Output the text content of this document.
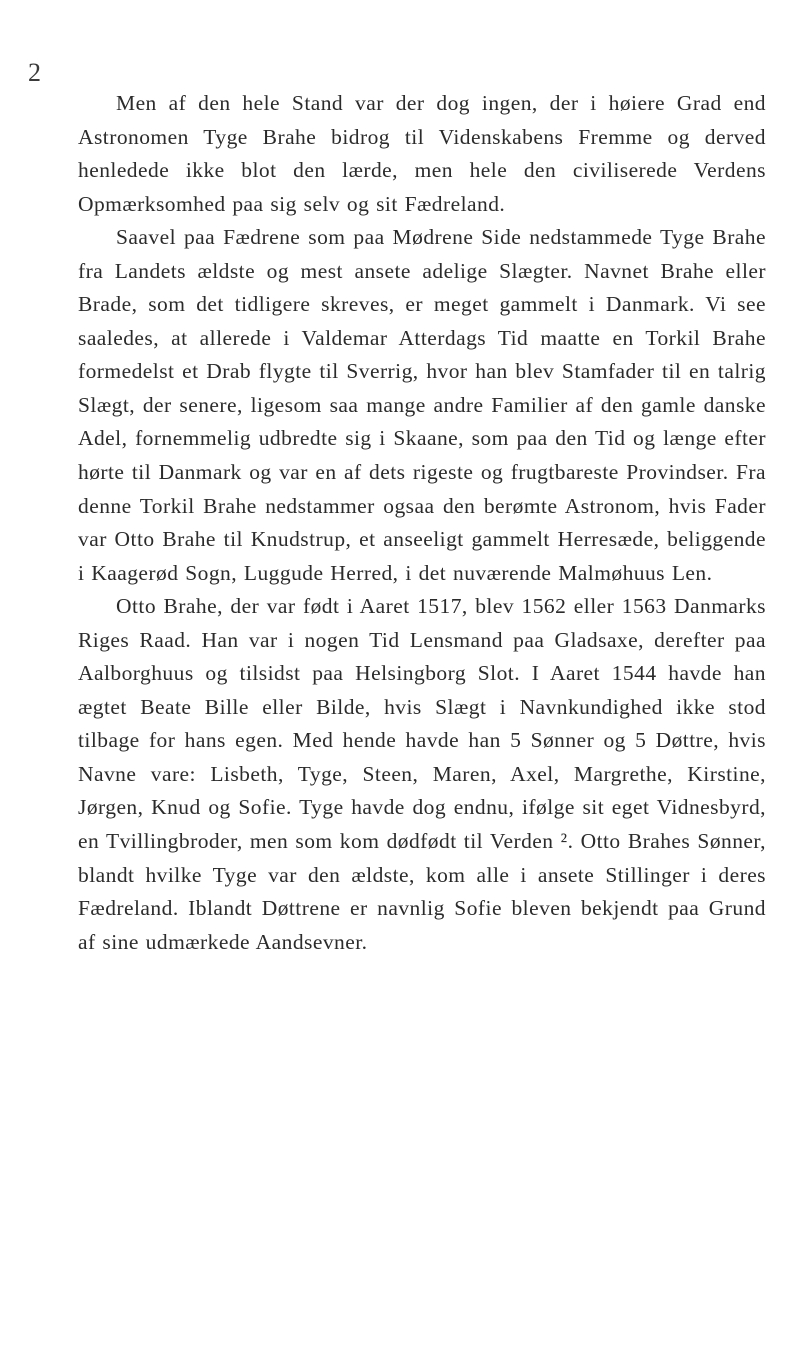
2

Men af den hele Stand var der dog ingen, der i høiere Grad end Astronomen Tyge Brahe bidrog til Videnskabens Fremme og derved henledede ikke blot den lærde, men hele den civiliserede Verdens Opmærksomhed paa sig selv og sit Fædreland.

Saavel paa Fædrene som paa Mødrene Side nedstammede Tyge Brahe fra Landets ældste og mest ansete adelige Slægter. Navnet Brahe eller Brade, som det tidligere skreves, er meget gammelt i Danmark. Vi see saaledes, at allerede i Valdemar Atterdags Tid maatte en Torkil Brahe formedelst et Drab flygte til Sverrig, hvor han blev Stamfader til en talrig Slægt, der senere, ligesom saa mange andre Familier af den gamle danske Adel, fornemmelig udbredte sig i Skaane, som paa den Tid og længe efter hørte til Danmark og var en af dets rigeste og frugtbareste Provindser. Fra denne Torkil Brahe nedstammer ogsaa den berømte Astronom, hvis Fader var Otto Brahe til Knudstrup, et anseeligt gammelt Herresæde, beliggende i Kaagerød Sogn, Luggude Herred, i det nuværende Malmøhuus Len.

Otto Brahe, der var født i Aaret 1517, blev 1562 eller 1563 Danmarks Riges Raad. Han var i nogen Tid Lensmand paa Gladsaxe, derefter paa Aalborghuus og tilsidst paa Helsingborg Slot. I Aaret 1544 havde han ægtet Beate Bille eller Bilde, hvis Slægt i Navnkundighed ikke stod tilbage for hans egen. Med hende havde han 5 Sønner og 5 Døttre, hvis Navne vare: Lisbeth, Tyge, Steen, Maren, Axel, Margrethe, Kirstine, Jørgen, Knud og Sofie. Tyge havde dog endnu, ifølge sit eget Vidnesbyrd, en Tvillingbroder, men som kom dødfødt til Verden ². Otto Brahes Sønner, blandt hvilke Tyge var den ældste, kom alle i ansete Stillinger i deres Fædreland. Iblandt Døttrene er navnlig Sofie bleven bekjendt paa Grund af sine udmærkede Aandsevner.
